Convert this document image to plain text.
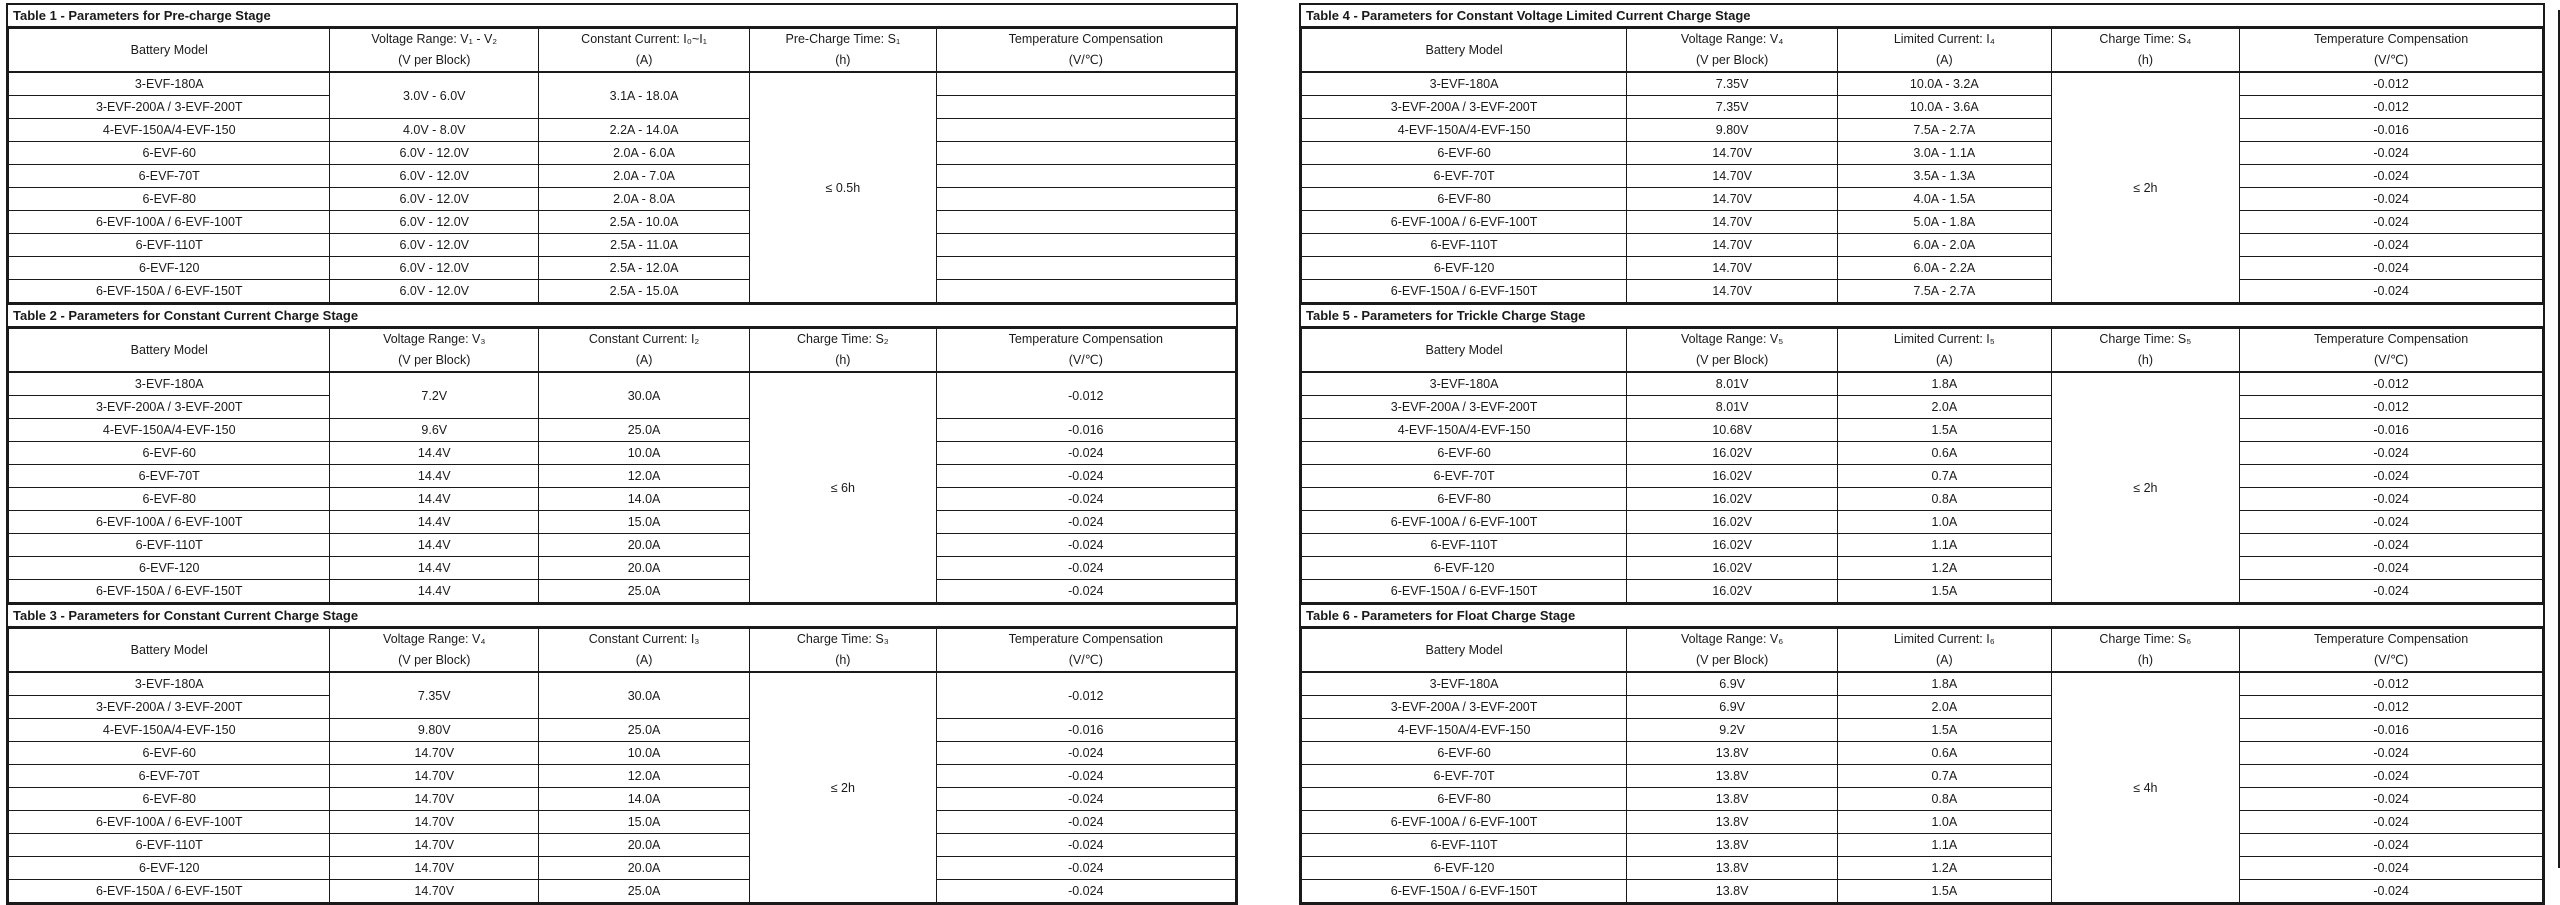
Table 1 - Parameters for Pre-charge Stage
Battery Model

Voltage Range: V₁ - V₂
(V per Block)

Constant Current: I₀~I₁
(A)

Pre-Charge Time: S₁
(h)

Temperature Compensation
(V/℃)

3-EVF-180A	3.0V - 6.0V	3.1A - 18.0A	≤ 0.5h	
3-EVF-200A / 3-EVF-200T				
4-EVF-150A/4-EVF-150	4.0V - 8.0V	2.2A - 14.0A		
6-EVF-60	6.0V - 12.0V	2.0A - 6.0A		
6-EVF-70T	6.0V - 12.0V	2.0A - 7.0A		
6-EVF-80	6.0V - 12.0V	2.0A - 8.0A		
6-EVF-100A / 6-EVF-100T	6.0V - 12.0V	2.5A - 10.0A		
6-EVF-110T	6.0V - 12.0V	2.5A - 11.0A		
6-EVF-120	6.0V - 12.0V	2.5A - 12.0A		
6-EVF-150A / 6-EVF-150T	6.0V - 12.0V	2.5A - 15.0A		
Table 2 - Parameters for Constant Current Charge Stage
Battery Model

Voltage Range: V₃
(V per Block)

Constant Current: I₂
(A)

Charge Time: S₂
(h)

Temperature Compensation
(V/℃)

3-EVF-180A	7.2V	30.0A	≤ 6h	-0.012
3-EVF-200A / 3-EVF-200T				
4-EVF-150A/4-EVF-150	9.6V	25.0A		-0.016
6-EVF-60	14.4V	10.0A		-0.024
6-EVF-70T	14.4V	12.0A		-0.024
6-EVF-80	14.4V	14.0A		-0.024
6-EVF-100A / 6-EVF-100T	14.4V	15.0A		-0.024
6-EVF-110T	14.4V	20.0A		-0.024
6-EVF-120	14.4V	20.0A		-0.024
6-EVF-150A / 6-EVF-150T	14.4V	25.0A		-0.024
Table 3 - Parameters for Constant Current Charge Stage
Battery Model

Voltage Range: V₄
(V per Block)

Constant Current: I₃
(A)

Charge Time: S₃
(h)

Temperature Compensation
(V/℃)

3-EVF-180A	7.35V	30.0A	≤ 2h	-0.012
3-EVF-200A / 3-EVF-200T				
4-EVF-150A/4-EVF-150	9.80V	25.0A		-0.016
6-EVF-60	14.70V	10.0A		-0.024
6-EVF-70T	14.70V	12.0A		-0.024
6-EVF-80	14.70V	14.0A		-0.024
6-EVF-100A / 6-EVF-100T	14.70V	15.0A		-0.024
6-EVF-110T	14.70V	20.0A		-0.024
6-EVF-120	14.70V	20.0A		-0.024
6-EVF-150A / 6-EVF-150T	14.70V	25.0A		-0.024
Table 4 - Parameters for Constant Voltage Limited Current Charge Stage
Battery Model

Voltage Range: V₄
(V per Block)

Limited Current: I₄
(A)

Charge Time: S₄
(h)

Temperature Compensation
(V/℃)

3-EVF-180A	7.35V	10.0A - 3.2A	≤ 2h	-0.012
3-EVF-200A / 3-EVF-200T	7.35V	10.0A - 3.6A		-0.012
4-EVF-150A/4-EVF-150	9.80V	7.5A - 2.7A		-0.016
6-EVF-60	14.70V	3.0A - 1.1A		-0.024
6-EVF-70T	14.70V	3.5A - 1.3A		-0.024
6-EVF-80	14.70V	4.0A - 1.5A		-0.024
6-EVF-100A / 6-EVF-100T	14.70V	5.0A - 1.8A		-0.024
6-EVF-110T	14.70V	6.0A - 2.0A		-0.024
6-EVF-120	14.70V	6.0A - 2.2A		-0.024
6-EVF-150A / 6-EVF-150T	14.70V	7.5A - 2.7A		-0.024
Table 5 - Parameters for Trickle Charge Stage
Battery Model

Voltage Range: V₅
(V per Block)

Limited Current: I₅
(A)

Charge Time: S₅
(h)

Temperature Compensation
(V/℃)

3-EVF-180A	8.01V	1.8A	≤ 2h	-0.012
3-EVF-200A / 3-EVF-200T	8.01V	2.0A		-0.012
4-EVF-150A/4-EVF-150	10.68V	1.5A		-0.016
6-EVF-60	16.02V	0.6A		-0.024
6-EVF-70T	16.02V	0.7A		-0.024
6-EVF-80	16.02V	0.8A		-0.024
6-EVF-100A / 6-EVF-100T	16.02V	1.0A		-0.024
6-EVF-110T	16.02V	1.1A		-0.024
6-EVF-120	16.02V	1.2A		-0.024
6-EVF-150A / 6-EVF-150T	16.02V	1.5A		-0.024
Table 6 - Parameters for Float Charge Stage
Battery Model

Voltage Range: V₆
(V per Block)

Limited Current: I₆
(A)

Charge Time: S₆
(h)

Temperature Compensation
(V/℃)

3-EVF-180A	6.9V	1.8A	≤ 4h	-0.012
3-EVF-200A / 3-EVF-200T	6.9V	2.0A		-0.012
4-EVF-150A/4-EVF-150	9.2V	1.5A		-0.016
6-EVF-60	13.8V	0.6A		-0.024
6-EVF-70T	13.8V	0.7A		-0.024
6-EVF-80	13.8V	0.8A		-0.024
6-EVF-100A / 6-EVF-100T	13.8V	1.0A		-0.024
6-EVF-110T	13.8V	1.1A		-0.024
6-EVF-120	13.8V	1.2A		-0.024
6-EVF-150A / 6-EVF-150T	13.8V	1.5A		-0.024
